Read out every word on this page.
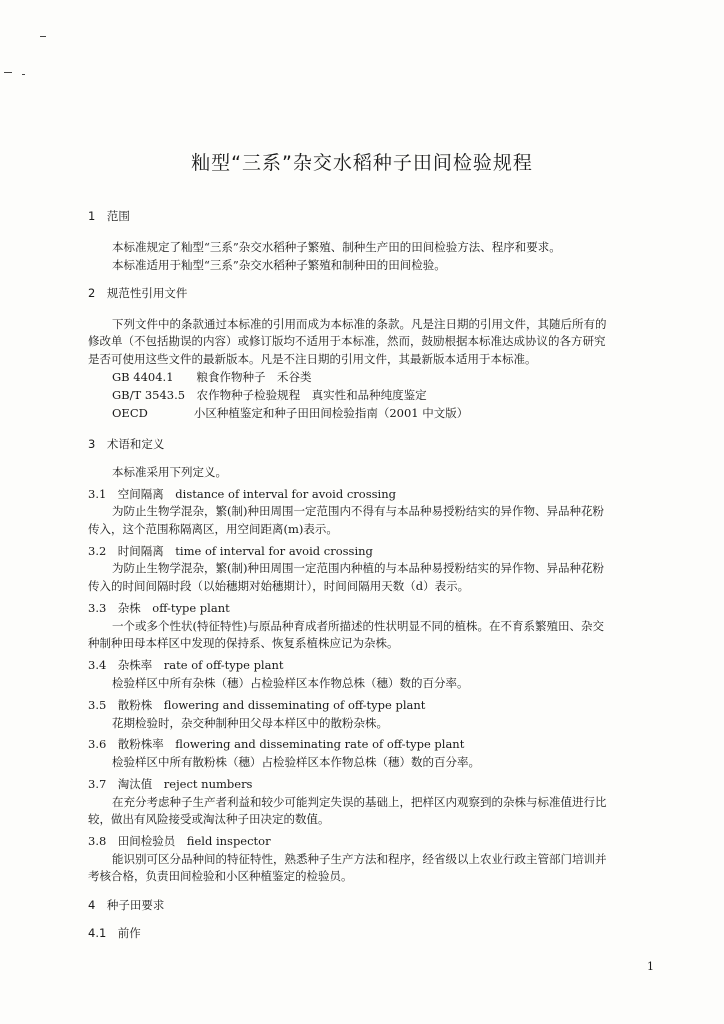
籼型“三系”杂交水稻种子田间检验规程
1　范围
本标准规定了籼型“三系”杂交水稻种子繁殖、制种生产田的田间检验方法、程序和要求。
本标准适用于籼型“三系”杂交水稻种子繁殖和制种田的田间检验。
2　规范性引用文件
下列文件中的条款通过本标准的引用而成为本标准的条款。凡是注日期的引用文件，其随后所有的
修改单（不包括勘误的内容）或修订版均不适用于本标准，然而，鼓励根据本标准达成协议的各方研究
是否可使用这些文件的最新版本。凡是不注日期的引用文件，其最新版本适用于本标准。
GB 4404.1　　粮食作物种子　禾谷类
GB/T 3543.5　农作物种子检验规程　真实性和品种纯度鉴定
OECD　　　　小区种植鉴定和种子田田间检验指南（2001 中文版）
3　术语和定义
本标准采用下列定义。
3.1　空间隔离　distance of interval for avoid crossing
为防止生物学混杂，繁(制)种田周围一定范围内不得有与本品种易授粉结实的异作物、异品种花粉
传入，这个范围称隔离区，用空间距离(m)表示。
3.2　时间隔离　time of interval for avoid crossing
为防止生物学混杂，繁(制)种田周围一定范围内种植的与本品种易授粉结实的异作物、异品种花粉
传入的时间间隔时段（以始穗期对始穗期计），时间间隔用天数（d）表示。
3.3　杂株　off-type plant
一个或多个性状(特征特性)与原品种育成者所描述的性状明显不同的植株。在不育系繁殖田、杂交
种制种田母本样区中发现的保持系、恢复系植株应记为杂株。
3.4　杂株率　rate of off-type plant
检验样区中所有杂株（穗）占检验样区本作物总株（穗）数的百分率。
3.5　散粉株　flowering and disseminating of off-type plant
花期检验时，杂交种制种田父母本样区中的散粉杂株。
3.6　散粉株率　flowering and disseminating rate of off-type plant
检验样区中所有散粉株（穗）占检验样区本作物总株（穗）数的百分率。
3.7　淘汰值　reject numbers
在充分考虑种子生产者利益和较少可能判定失误的基础上，把样区内观察到的杂株与标准值进行比
较，做出有风险接受或淘汰种子田决定的数值。
3.8　田间检验员　field inspector
能识别可区分品种间的特征特性，熟悉种子生产方法和程序，经省级以上农业行政主管部门培训并
考核合格，负责田间检验和小区种植鉴定的检验员。
4　种子田要求
4.1　前作
1
